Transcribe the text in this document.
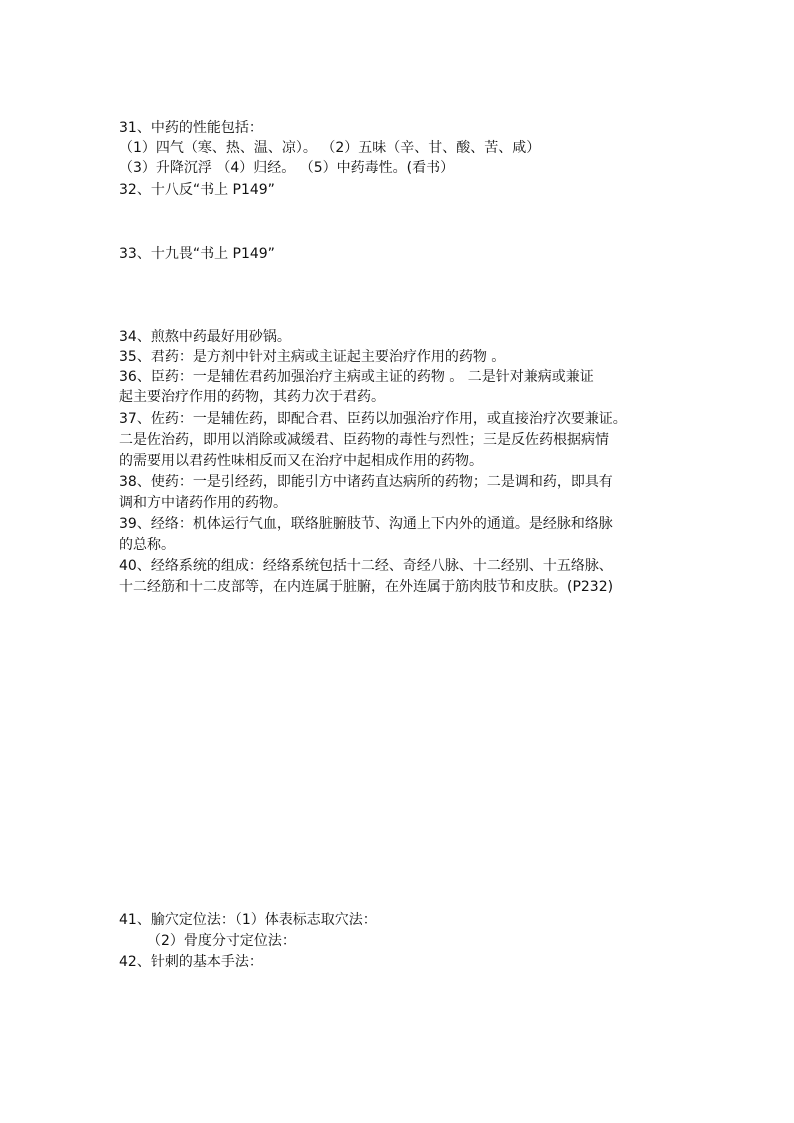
31、中药的性能包括：

（1）四气（寒、热、温、凉）。 （2）五味（辛、甘、酸、苦、咸）

（3）升降沉浮 （4）归经。 （5）中药毒性。(看书）

32、十八反“书上 P149”

33、十九畏“书上 P149”

34、煎熬中药最好用砂锅。

35、君药：是方剂中针对主病或主证起主要治疗作用的药物 。

36、臣药：一是辅佐君药加强治疗主病或主证的药物 。 二是针对兼病或兼证

起主要治疗作用的药物，其药力次于君药。

37、佐药：一是辅佐药，即配合君、臣药以加强治疗作用，或直接治疗次要兼证。

二是佐治药，即用以消除或减缓君、臣药物的毒性与烈性；三是反佐药根据病情

的需要用以君药性味相反而又在治疗中起相成作用的药物。

38、使药：一是引经药，即能引方中诸药直达病所的药物；二是调和药，即具有

调和方中诸药作用的药物。

39、经络：机体运行气血，联络脏腑肢节、沟通上下内外的通道。是经脉和络脉

的总称。

40、经络系统的组成：经络系统包括十二经、奇经八脉、十二经别、十五络脉、

十二经筋和十二皮部等，在内连属于脏腑，在外连属于筋肉肢节和皮肤。(P232)

41、腧穴定位法：（1）体表标志取穴法：

（2）骨度分寸定位法：

42、针刺的基本手法：
